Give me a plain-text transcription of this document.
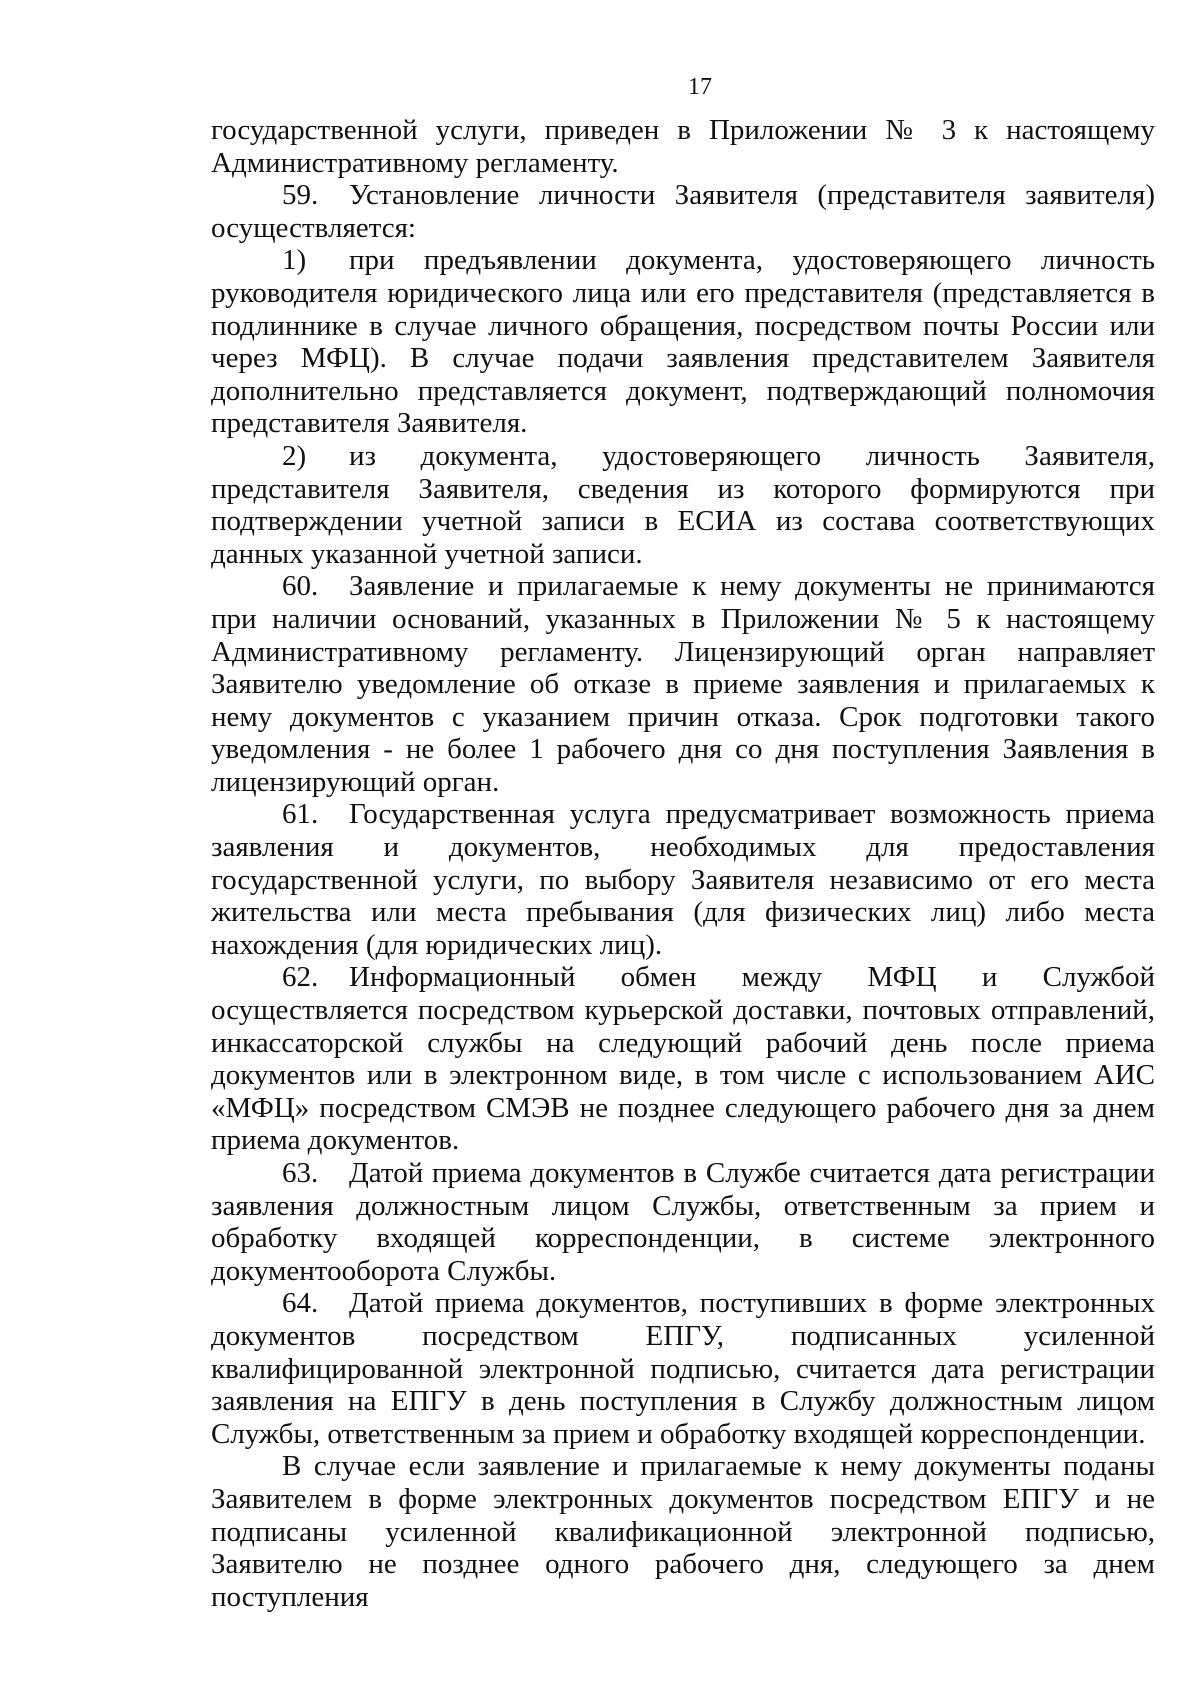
17

государственной услуги, приведен в Приложении № 3 к настоящему Административному регламенту.

59. Установление личности Заявителя (представителя заявителя) осуществляется:

1) при предъявлении документа, удостоверяющего личность руководителя юридического лица или его представителя (представляется в подлиннике в случае личного обращения, посредством почты России или через МФЦ). В случае подачи заявления представителем Заявителя дополнительно представляется документ, подтверждающий полномочия представителя Заявителя.

2) из документа, удостоверяющего личность Заявителя, представителя Заявителя, сведения из которого формируются при подтверждении учетной записи в ЕСИА из состава соответствующих данных указанной учетной записи.

60. Заявление и прилагаемые к нему документы не принимаются при наличии оснований, указанных в Приложении № 5 к настоящему Административному регламенту. Лицензирующий орган направляет Заявителю уведомление об отказе в приеме заявления и прилагаемых к нему документов с указанием причин отказа. Срок подготовки такого уведомления - не более 1 рабочего дня со дня поступления Заявления в лицензирующий орган.

61. Государственная услуга предусматривает возможность приема заявления и документов, необходимых для предоставления государственной услуги, по выбору Заявителя независимо от его места жительства или места пребывания (для физических лиц) либо места нахождения (для юридических лиц).

62. Информационный обмен между МФЦ и Службой осуществляется посредством курьерской доставки, почтовых отправлений, инкассаторской службы на следующий рабочий день после приема документов или в электронном виде, в том числе с использованием АИС «МФЦ» посредством СМЭВ не позднее следующего рабочего дня за днем приема документов.

63. Датой приема документов в Службе считается дата регистрации заявления должностным лицом Службы, ответственным за прием и обработку входящей корреспонденции, в системе электронного документооборота Службы.

64. Датой приема документов, поступивших в форме электронных документов посредством ЕПГУ, подписанных усиленной квалифицированной электронной подписью, считается дата регистрации заявления на ЕПГУ в день поступления в Службу должностным лицом Службы, ответственным за прием и обработку входящей корреспонденции.

В случае если заявление и прилагаемые к нему документы поданы Заявителем в форме электронных документов посредством ЕПГУ и не подписаны усиленной квалификационной электронной подписью, Заявителю не позднее одного рабочего дня, следующего за днем поступления
